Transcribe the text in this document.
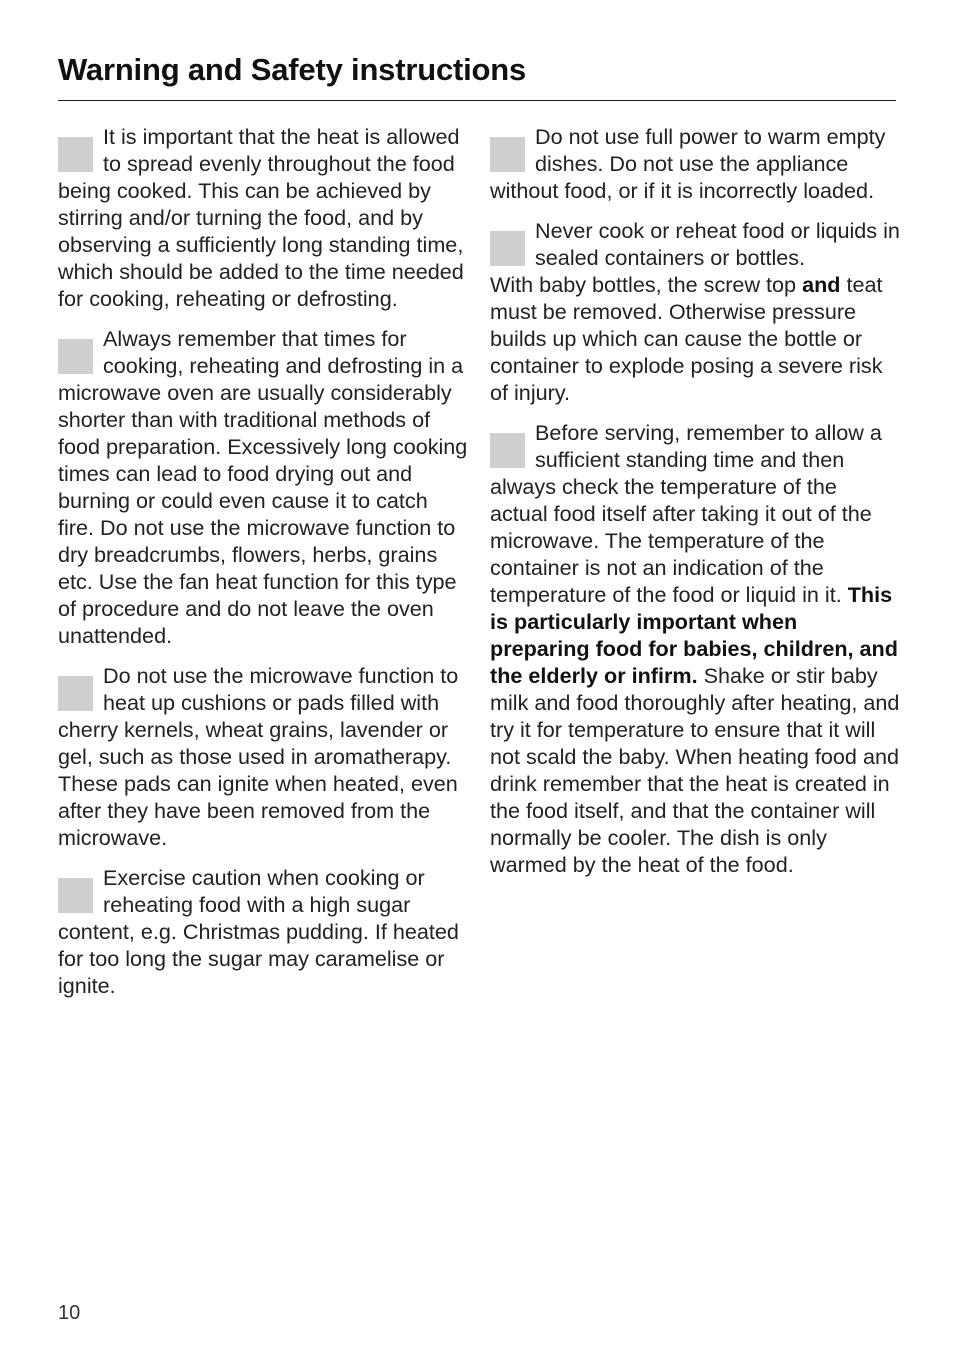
Warning and Safety instructions
It is important that the heat is allowed to spread evenly throughout the food being cooked. This can be achieved by stirring and/or turning the food, and by observing a sufficiently long standing time, which should be added to the time needed for cooking, reheating or defrosting.
Always remember that times for cooking, reheating and defrosting in a microwave oven are usually considerably shorter than with traditional methods of food preparation. Excessively long cooking times can lead to food drying out and burning or could even cause it to catch fire. Do not use the microwave function to dry breadcrumbs, flowers, herbs, grains etc. Use the fan heat function for this type of procedure and do not leave the oven unattended.
Do not use the microwave function to heat up cushions or pads filled with cherry kernels, wheat grains, lavender or gel, such as those used in aromatherapy. These pads can ignite when heated, even after they have been removed from the microwave.
Exercise caution when cooking or reheating food with a high sugar content, e.g. Christmas pudding. If heated for too long the sugar may caramelise or ignite.
Do not use full power to warm empty dishes. Do not use the appliance without food, or if it is incorrectly loaded.

Never cook or reheat food or liquids in sealed containers or bottles.

With baby bottles, the screw top and teat must be removed. Otherwise pressure builds up which can cause the bottle or container to explode posing a severe risk of injury.

Before serving, remember to allow a sufficient standing time and then always check the temperature of the actual food itself after taking it out of the microwave. The temperature of the container is not an indication of the temperature of the food or liquid in it. This is particularly important when preparing food for babies, children, and the elderly or infirm. Shake or stir baby milk and food thoroughly after heating, and try it for temperature to ensure that it will not scald the baby. When heating food and drink remember that the heat is created in the food itself, and that the container will normally be cooler. The dish is only warmed by the heat of the food.
10
